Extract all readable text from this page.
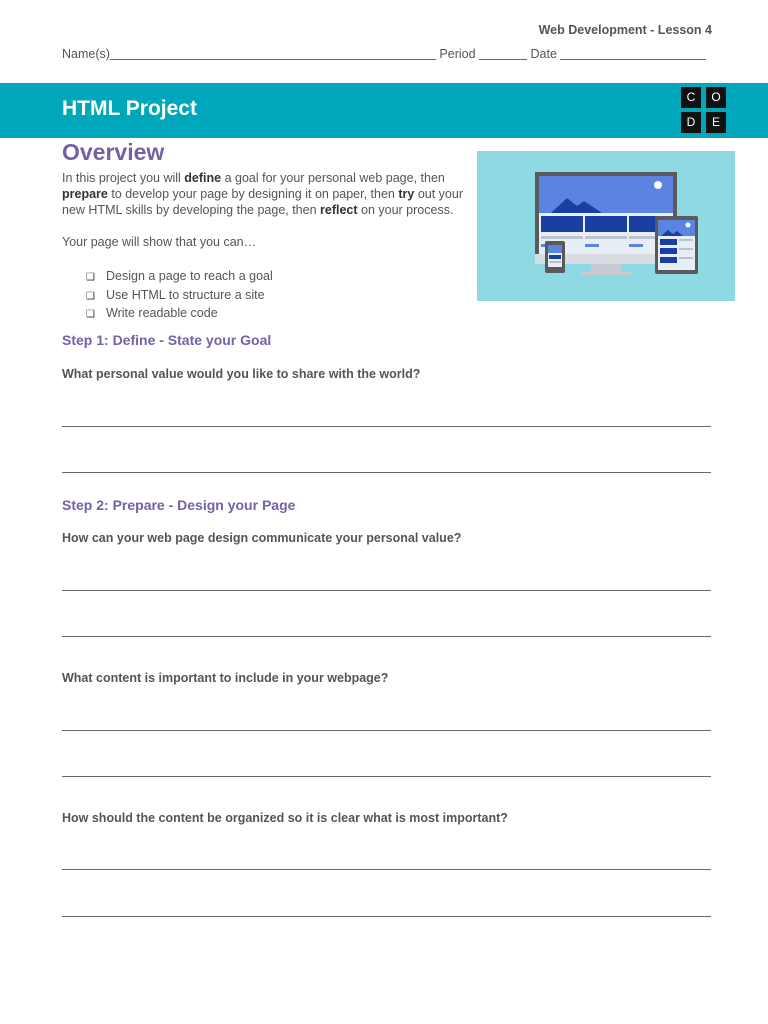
Web Development - Lesson 4
Name(s)	Period	Date
HTML Project	C	O
D	E
Overview
In this project you will define a goal for your personal web page, then prepare to develop your page by designing it on paper, then try out your new HTML skills by developing the page, then reflect on your process.
Your page will show that you can…
❑ Design a page to reach a goal
❑ Use HTML to structure a site
❑ Write readable code
Step 1: Define - State your Goal
What personal value would you like to share with the world?
Step 2: Prepare - Design your Page
How can your web page design communicate your personal value?
What content is important to include in your webpage?
How should the content be organized so it is clear what is most important?
